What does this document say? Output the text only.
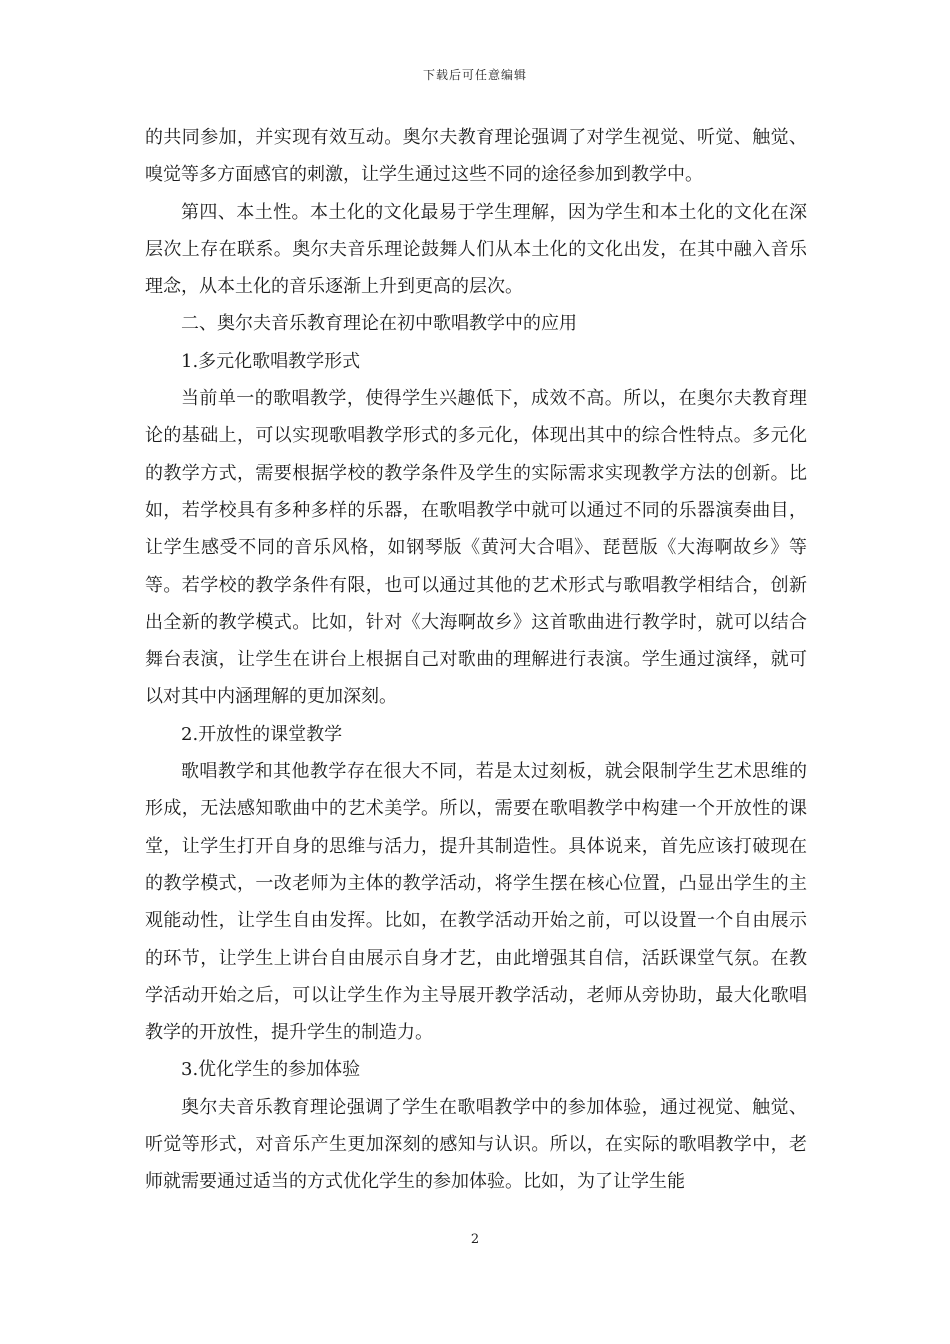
下载后可任意编辑

的共同参加，并实现有效互动。奥尔夫教育理论强调了对学生视觉、听觉、触觉、嗅觉等多方面感官的刺激，让学生通过这些不同的途径参加到教学中。

第四、本土性。本土化的文化最易于学生理解，因为学生和本土化的文化在深层次上存在联系。奥尔夫音乐理论鼓舞人们从本土化的文化出发，在其中融入音乐理念，从本土化的音乐逐渐上升到更高的层次。

二、奥尔夫音乐教育理论在初中歌唱教学中的应用

1.多元化歌唱教学形式

当前单一的歌唱教学，使得学生兴趣低下，成效不高。所以，在奥尔夫教育理论的基础上，可以实现歌唱教学形式的多元化，体现出其中的综合性特点。多元化的教学方式，需要根据学校的教学条件及学生的实际需求实现教学方法的创新。比如，若学校具有多种多样的乐器，在歌唱教学中就可以通过不同的乐器演奏曲目，让学生感受不同的音乐风格，如钢琴版《黄河大合唱》、琵琶版《大海啊故乡》等等。若学校的教学条件有限，也可以通过其他的艺术形式与歌唱教学相结合，创新出全新的教学模式。比如，针对《大海啊故乡》这首歌曲进行教学时，就可以结合舞台表演，让学生在讲台上根据自己对歌曲的理解进行表演。学生通过演绎，就可以对其中内涵理解的更加深刻。

2.开放性的课堂教学

歌唱教学和其他教学存在很大不同，若是太过刻板，就会限制学生艺术思维的形成，无法感知歌曲中的艺术美学。所以，需要在歌唱教学中构建一个开放性的课堂，让学生打开自身的思维与活力，提升其制造性。具体说来，首先应该打破现在的教学模式，一改老师为主体的教学活动，将学生摆在核心位置，凸显出学生的主观能动性，让学生自由发挥。比如，在教学活动开始之前，可以设置一个自由展示的环节，让学生上讲台自由展示自身才艺，由此增强其自信，活跃课堂气氛。在教学活动开始之后，可以让学生作为主导展开教学活动，老师从旁协助，最大化歌唱教学的开放性，提升学生的制造力。

3.优化学生的参加体验

奥尔夫音乐教育理论强调了学生在歌唱教学中的参加体验，通过视觉、触觉、听觉等形式，对音乐产生更加深刻的感知与认识。所以，在实际的歌唱教学中，老师就需要通过适当的方式优化学生的参加体验。比如，为了让学生能

2
